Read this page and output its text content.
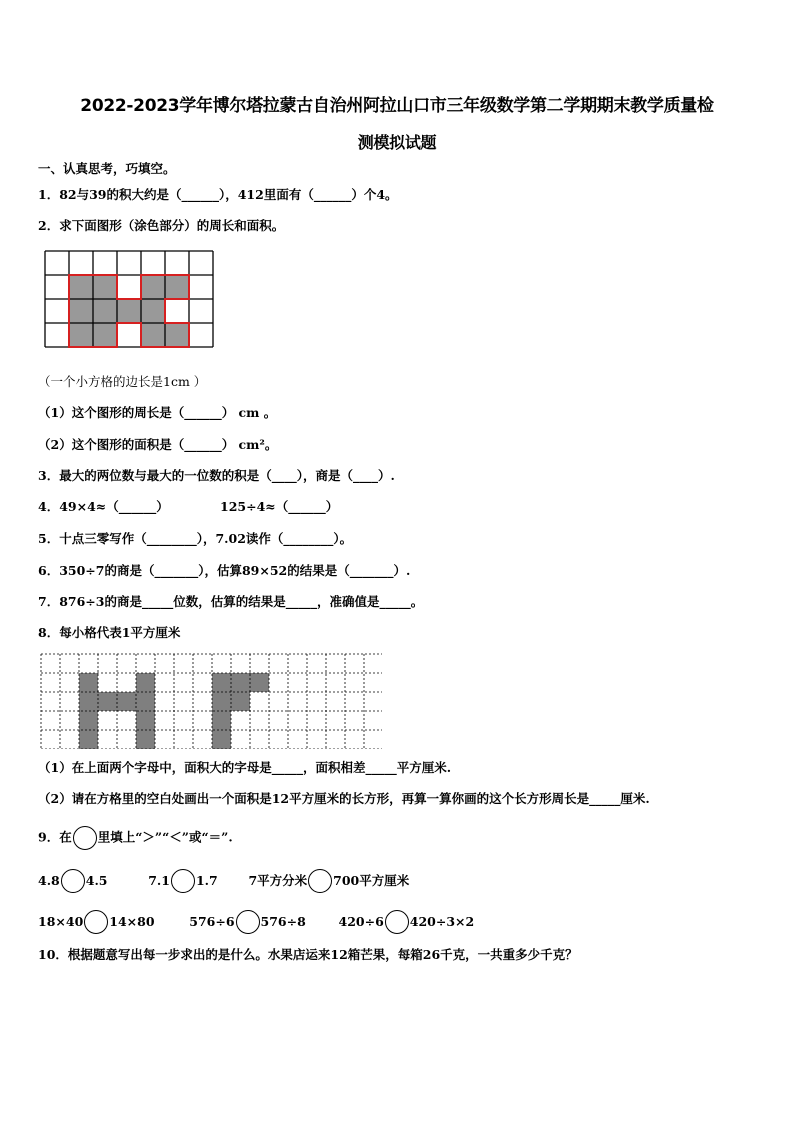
2022-2023学年博尔塔拉蒙古自治州阿拉山口市三年级数学第二学期期末教学质量检
测模拟试题
一、认真思考，巧填空。
1．82与39的积大约是（______），412里面有（______）个4。
2．求下面图形（涂色部分）的周长和面积。
（一个小方格的边长是1cm ）
（1）这个图形的周长是（______） cm 。
（2）这个图形的面积是（______） cm²。
3．最大的两位数与最大的一位数的积是（____），商是（____）.
4．49×4≈（______）	125÷4≈（______）
5．十点三零写作（________），7.02读作（________）。
6．350÷7的商是（_______），估算89×52的结果是（_______）.
7．876÷3的商是_____位数，估算的结果是_____，准确值是_____。
8．每小格代表1平方厘米
（1）在上面两个字母中，面积大的字母是_____，面积相差_____平方厘米.
（2）请在方格里的空白处画出一个面积是12平方厘米的长方形，再算一算你画的这个长方形周长是_____厘米.
9．在 里填上“＞”“＜”或“＝”.
4.8 4.5	7.1 1.7 7平方分米 700平方厘米
18×40 14×80	576÷6 576÷8	420÷6 420÷3×2
10．根据题意写出每一步求出的是什么。水果店运来12箱芒果，每箱26千克，一共重多少千克？
